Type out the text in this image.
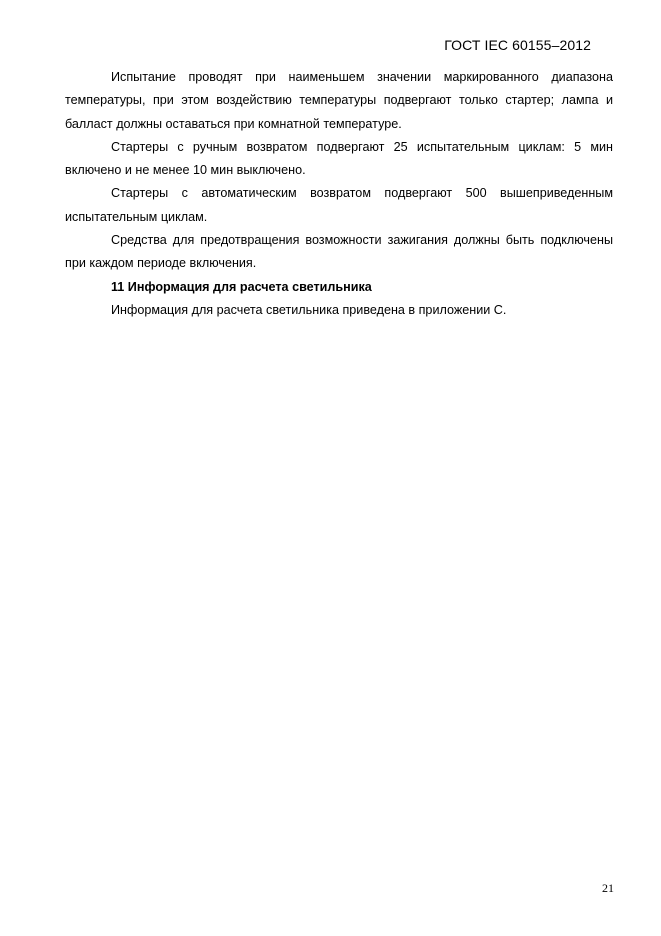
ГОСТ IEC 60155–2012

Испытание проводят при наименьшем значении маркированного диапазона температуры, при этом воздействию температуры подвергают только стартер; лампа и балласт должны оставаться при комнатной температуре.

Стартеры с ручным возвратом подвергают 25 испытательным циклам: 5 мин включено и не менее 10 мин выключено.

Стартеры с автоматическим возвратом подвергают 500 вышеприведенным испытательным циклам.

Средства для предотвращения возможности зажигания должны быть подключены при каждом периоде включения.

11 Информация для расчета светильника

Информация для расчета светильника приведена в приложении С.

21
